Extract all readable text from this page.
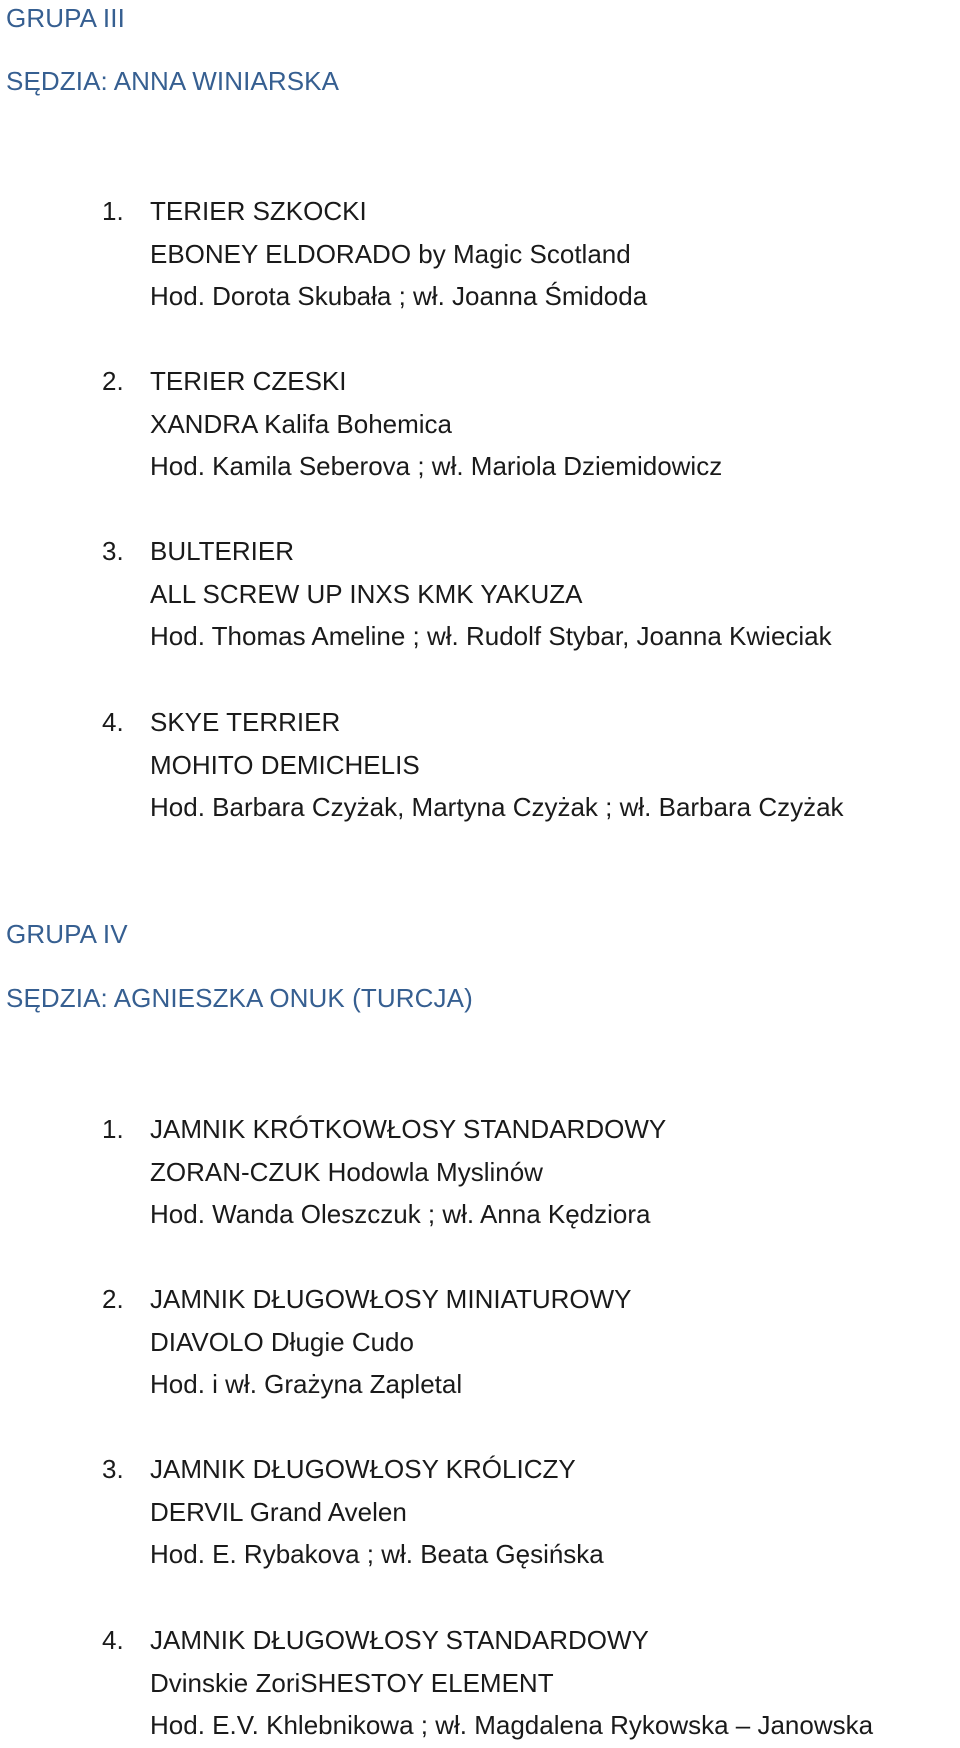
GRUPA III
SĘDZIA: ANNA WINIARSKA
1. TERIER SZKOCKI
EBONEY ELDORADO by Magic Scotland
Hod. Dorota Skubała ; wł. Joanna Śmidoda
2. TERIER CZESKI
XANDRA Kalifa Bohemica
Hod. Kamila Seberova ; wł. Mariola Dziemidowicz
3. BULTERIER
ALL SCREW UP INXS KMK YAKUZA
Hod. Thomas Ameline ; wł. Rudolf Stybar, Joanna Kwieciak
4. SKYE TERRIER
MOHITO DEMICHELIS
Hod. Barbara Czyżak, Martyna Czyżak ; wł. Barbara Czyżak
GRUPA IV
SĘDZIA: AGNIESZKA ONUK (TURCJA)
1. JAMNIK KRÓTKOWŁOSY STANDARDOWY
ZORAN-CZUK Hodowla Myslinów
Hod. Wanda Oleszczuk ; wł. Anna Kędziora
2. JAMNIK DŁUGOWŁOSY MINIATUROWY
DIAVOLO Długie Cudo
Hod. i wł. Grażyna Zapletal
3. JAMNIK DŁUGOWŁOSY KRÓLICZY
DERVIL Grand Avelen
Hod. E. Rybakova ; wł. Beata Gęsińska
4. JAMNIK DŁUGOWŁOSY STANDARDOWY
Dvinskie ZoriSHESTOY ELEMENT
Hod. E.V. Khlebnikowa ; wł. Magdalena Rykowska – Janowska
